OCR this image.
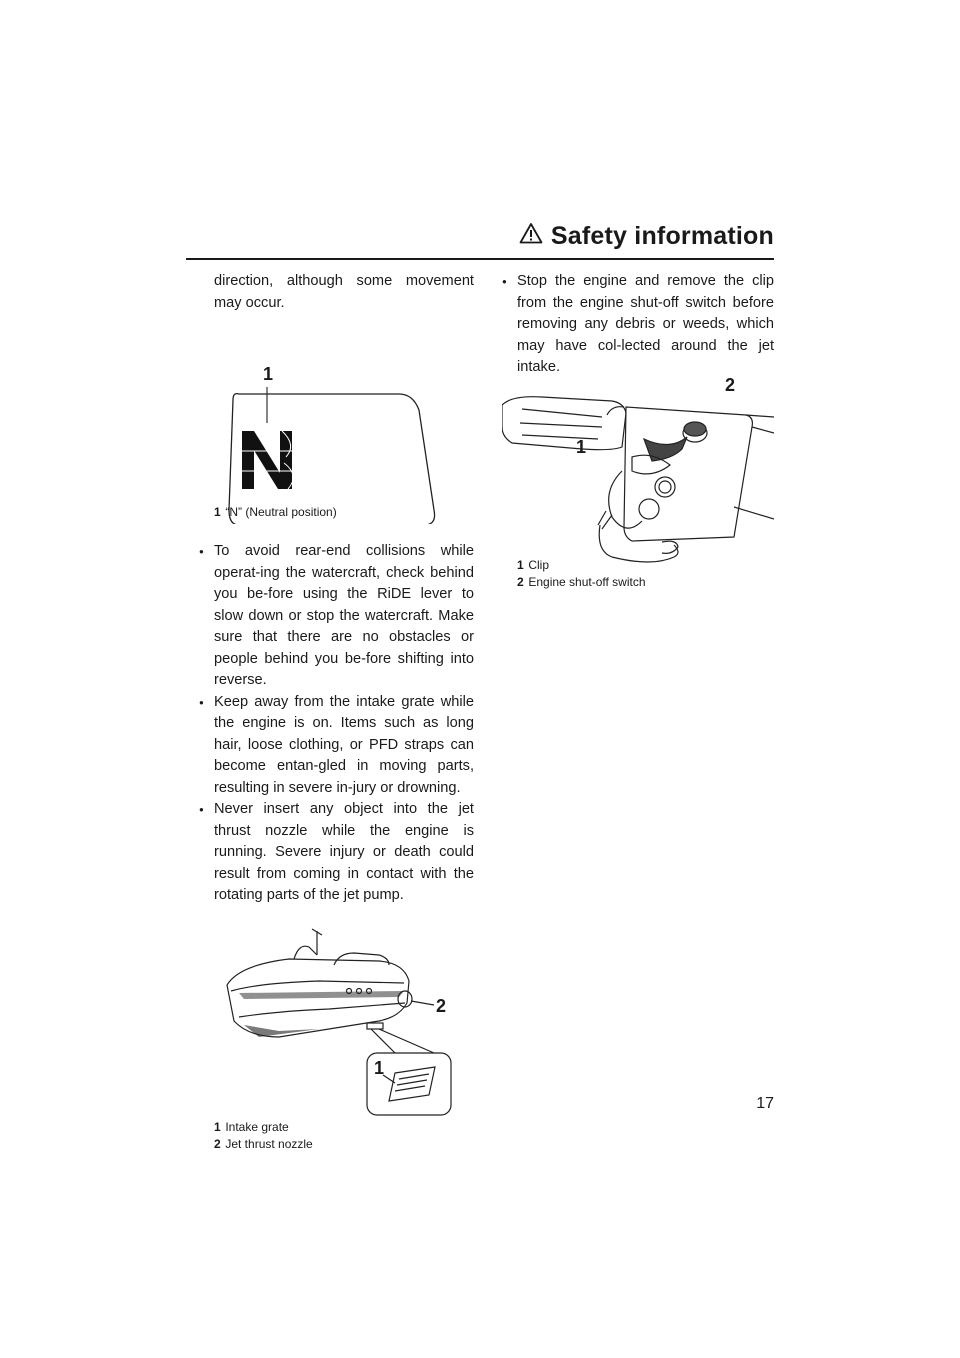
Safety information

direction, although some movement may occur.

1
1 “N” (Neutral position)
● To avoid rear-end collisions while operat-ing the watercraft, check behind you be-fore using the RiDE lever to slow down or stop the watercraft. Make sure that there are no obstacles or people behind you be-fore shifting into reverse.
● Keep away from the intake grate while the engine is on. Items such as long hair, loose clothing, or PFD straps can become entan-gled in moving parts, resulting in severe in-jury or drowning.
● Never insert any object into the jet thrust nozzle while the engine is running. Severe injury or death could result from coming in contact with the rotating parts of the jet pump.
2
1
1 Intake grate
2 Jet thrust nozzle
● Stop the engine and remove the clip from the engine shut-off switch before removing any debris or weeds, which may have col-lected around the jet intake.
2
1
1 Clip
2 Engine shut-off switch
17
